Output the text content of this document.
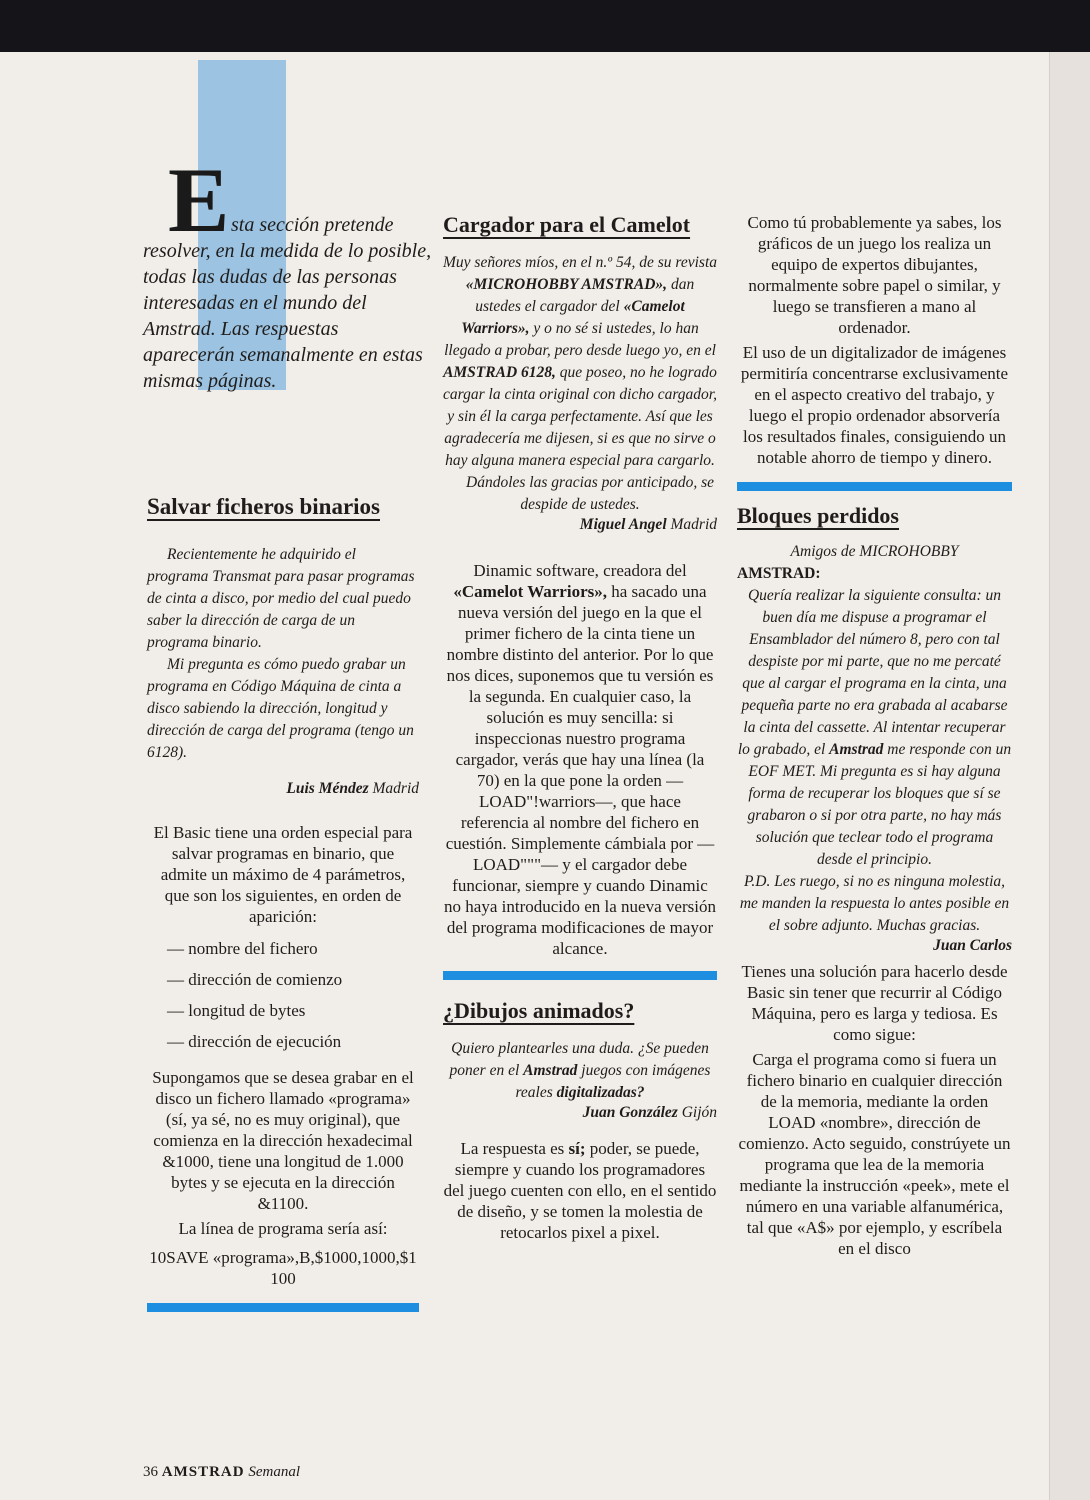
E sta sección pretende
resolver, en la medida de lo posible, todas las dudas de las personas interesadas en el mundo del Amstrad. Las respuestas aparecerán semanalmente en estas mismas páginas.
Salvar ficheros binarios

Recientemente he adquirido el programa Transmat para pasar programas de cinta a disco, por medio del cual puedo saber la dirección de carga de un programa binario.

Mi pregunta es cómo puedo grabar un programa en Código Máquina de cinta a disco sabiendo la dirección, longitud y dirección de carga del programa (tengo un 6128).

Luis Méndez Madrid

El Basic tiene una orden especial para salvar programas en binario, que admite un máximo de 4 parámetros, que son los siguientes, en orden de aparición:

— nombre del fichero
— dirección de comienzo
— longitud de bytes
— dirección de ejecución

Supongamos que se desea grabar en el disco un fichero llamado «programa» (sí, ya sé, no es muy original), que comienza en la dirección hexadecimal &1000, tiene una longitud de 1.000 bytes y se ejecuta en la dirección &1100.

La línea de programa sería así:

10SAVE «programa»,B,$1000,1000,$1100

Cargador para el Camelot

Muy señores míos, en el n.º 54, de su revista «MICROHOBBY AMSTRAD», dan ustedes el cargador del «Camelot Warriors», y o no sé si ustedes, lo han llegado a probar, pero desde luego yo, en el AMSTRAD 6128, que poseo, no he logrado cargar la cinta original con dicho cargador, y sin él la carga perfectamente. Así que les agradecería me dijesen, si es que no sirve o hay alguna manera especial para cargarlo.

Dándoles las gracias por anticipado, se despide de ustedes.

Miguel Angel Madrid

Dinamic software, creadora del «Camelot Warriors», ha sacado una nueva versión del juego en la que el primer fichero de la cinta tiene un nombre distinto del anterior. Por lo que nos dices, suponemos que tu versión es la segunda. En cualquier caso, la solución es muy sencilla: si inspeccionas nuestro programa cargador, verás que hay una línea (la 70) en la que pone la orden —LOAD"!warriors—, que hace referencia al nombre del fichero en cuestión. Simplemente cámbiala por —LOAD"""— y el cargador debe funcionar, siempre y cuando Dinamic no haya introducido en la nueva versión del programa modificaciones de mayor alcance.

¿Dibujos animados?

Quiero plantearles una duda. ¿Se pueden poner en el Amstrad juegos con imágenes reales digitalizadas?

Juan González Gijón

La respuesta es sí; poder, se puede, siempre y cuando los programadores del juego cuenten con ello, en el sentido de diseño, y se tomen la molestia de retocarlos pixel a pixel.

Como tú probablemente ya sabes, los gráficos de un juego los realiza un equipo de expertos dibujantes, normalmente sobre papel o similar, y luego se transfieren a mano al ordenador.

El uso de un digitalizador de imágenes permitiría concentrarse exclusivamente en el aspecto creativo del trabajo, y luego el propio ordenador absorvería los resultados finales, consiguiendo un notable ahorro de tiempo y dinero.

Bloques perdidos

Amigos de MICROHOBBY

AMSTRAD:

Quería realizar la siguiente consulta: un buen día me dispuse a programar el Ensamblador del número 8, pero con tal despiste por mi parte, que no me percaté que al cargar el programa en la cinta, una pequeña parte no era grabada al acabarse la cinta del cassette. Al intentar recuperar lo grabado, el Amstrad me responde con un EOF MET. Mi pregunta es si hay alguna forma de recuperar los bloques que sí se grabaron o si por otra parte, no hay más solución que teclear todo el programa desde el principio.

P.D. Les ruego, si no es ninguna molestia, me manden la respuesta lo antes posible en el sobre adjunto. Muchas gracias.

Juan Carlos

Tienes una solución para hacerlo desde Basic sin tener que recurrir al Código Máquina, pero es larga y tediosa. Es como sigue:

Carga el programa como si fuera un fichero binario en cualquier dirección de la memoria, mediante la orden LOAD «nombre», dirección de comienzo. Acto seguido, constrúyete un programa que lea de la memoria mediante la instrucción «peek», mete el número en una variable alfanumérica, tal que «A$» por ejemplo, y escríbela en el disco

36 AMSTRAD Semanal
